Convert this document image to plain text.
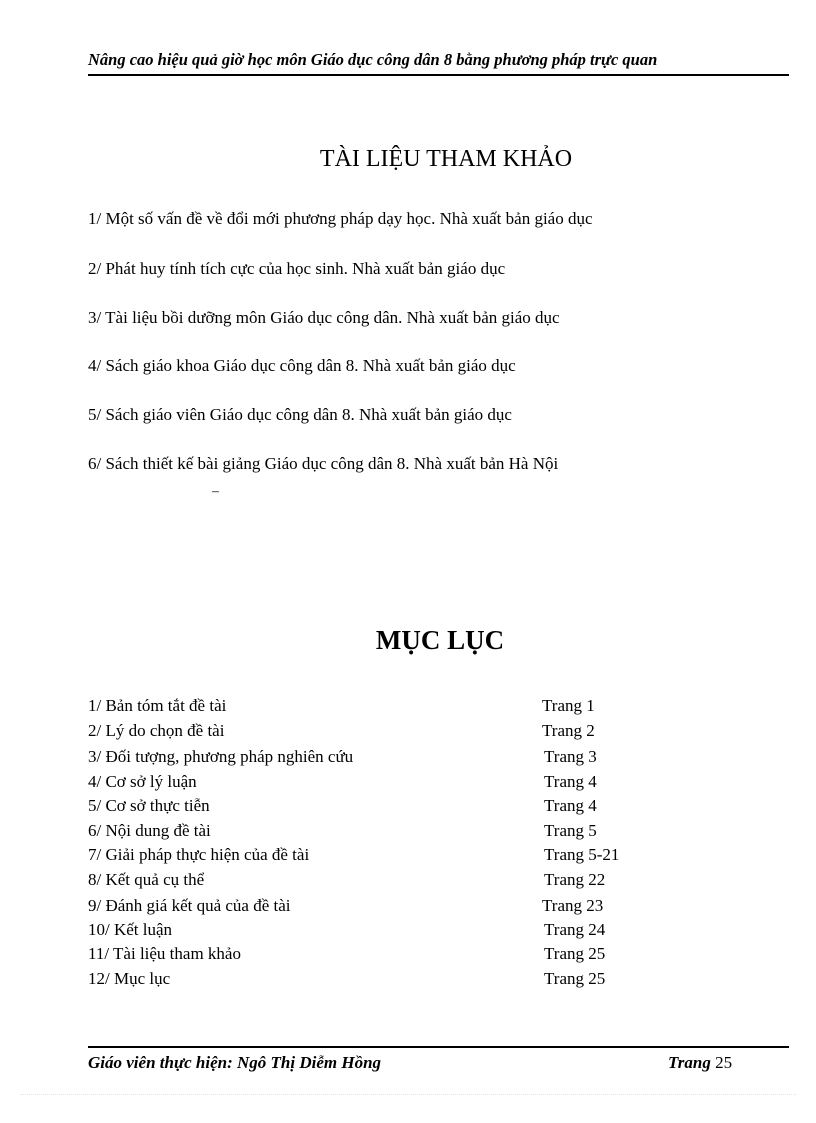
Nâng cao hiệu quả giờ học môn Giáo dục công dân 8 bằng phương pháp trực quan
TÀI LIỆU THAM KHẢO
1/ Một số vấn đề về đổi mới phương pháp dạy học. Nhà xuất bản giáo dục
2/ Phát huy tính tích cực của học sinh. Nhà xuất bản giáo dục
3/ Tài liệu bồi dưỡng môn Giáo dục công dân. Nhà xuất bản giáo dục
4/ Sách giáo khoa Giáo dục công dân 8. Nhà xuất bản giáo dục
5/ Sách giáo viên Giáo dục công dân 8. Nhà xuất bản giáo dục
6/ Sách thiết kế bài giảng Giáo dục công dân 8. Nhà xuất bản Hà Nội
–
MỤC LỤC
1/ Bản tóm tắt đề tài	Trang 1
2/ Lý do chọn đề tài	Trang 2
3/ Đối tượng, phương pháp nghiên cứu	Trang 3
4/ Cơ sở lý luận	Trang 4
5/ Cơ sở thực tiễn	Trang 4
6/ Nội dung đề tài	Trang 5
7/ Giải pháp thực hiện của đề tài	Trang 5-21
8/ Kết quả cụ thể	Trang 22
9/ Đánh giá kết quả của đề tài	Trang 23
10/ Kết luận	Trang 24
11/ Tài liệu tham khảo	Trang 25
12/ Mục lục	Trang 25
Giáo viên thực hiện: Ngô Thị Diễm Hồng	Trang 25
